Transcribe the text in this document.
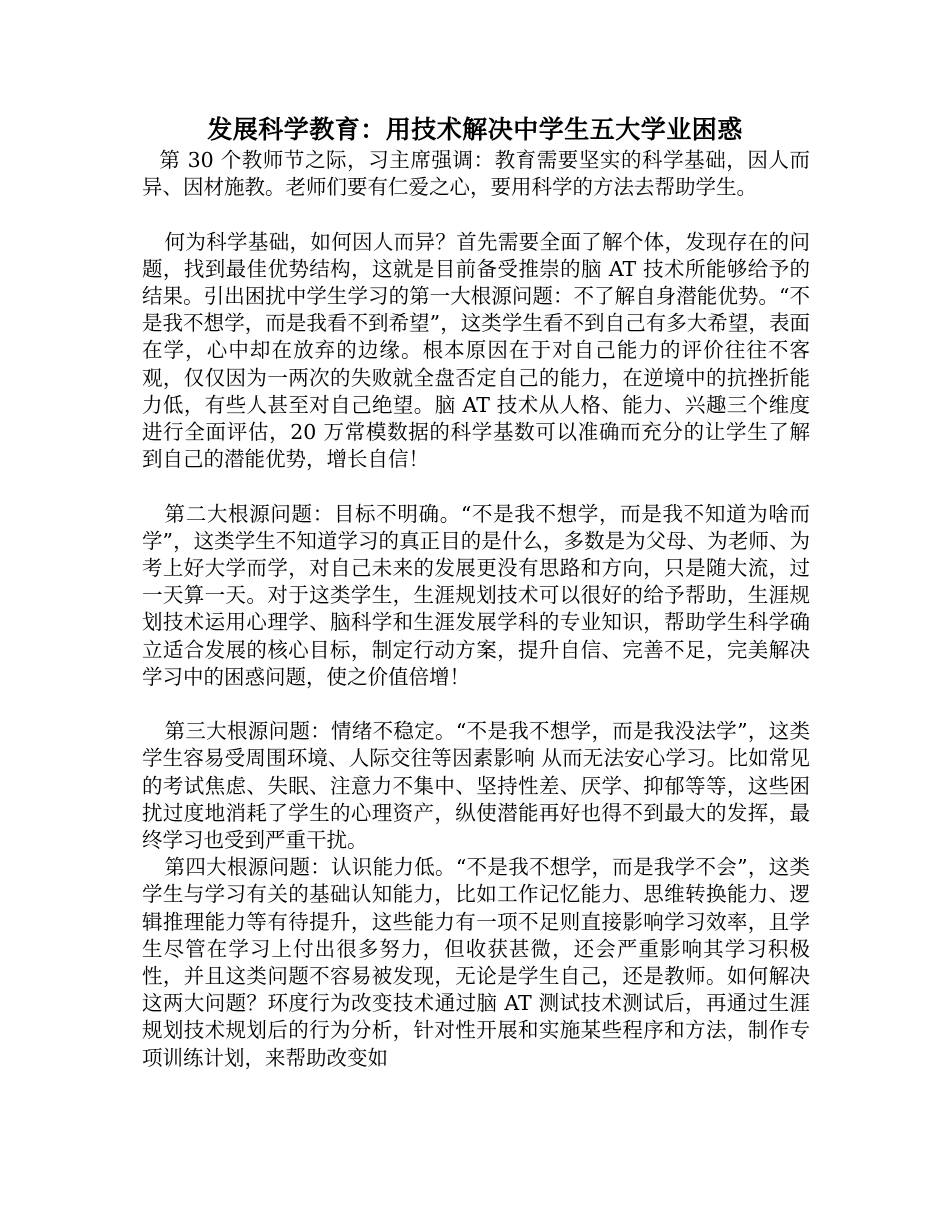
发展科学教育：用技术解决中学生五大学业困惑

第 30 个教师节之际，习主席强调：教育需要坚实的科学基础，因人而异、因材施教。老师们要有仁爱之心，要用科学的方法去帮助学生。

何为科学基础，如何因人而异？首先需要全面了解个体，发现存在的问题，找到最佳优势结构，这就是目前备受推崇的脑 AT 技术所能够给予的结果。引出困扰中学生学习的第一大根源问题：不了解自身潜能优势。“不是我不想学，而是我看不到希望”，这类学生看不到自己有多大希望，表面在学，心中却在放弃的边缘。根本原因在于对自己能力的评价往往不客观，仅仅因为一两次的失败就全盘否定自己的能力，在逆境中的抗挫折能力低，有些人甚至对自己绝望。脑 AT 技术从人格、能力、兴趣三个维度进行全面评估，20 万常模数据的科学基数可以准确而充分的让学生了解到自己的潜能优势，增长自信！

第二大根源问题：目标不明确。“不是我不想学，而是我不知道为啥而学”，这类学生不知道学习的真正目的是什么，多数是为父母、为老师、为考上好大学而学，对自己未来的发展更没有思路和方向，只是随大流，过一天算一天。对于这类学生，生涯规划技术可以很好的给予帮助，生涯规划技术运用心理学、脑科学和生涯发展学科的专业知识，帮助学生科学确立适合发展的核心目标，制定行动方案，提升自信、完善不足，完美解决学习中的困惑问题，使之价值倍增！

第三大根源问题：情绪不稳定。“不是我不想学，而是我没法学”，这类学生容易受周围环境、人际交往等因素影响 从而无法安心学习。比如常见的考试焦虑、失眠、注意力不集中、坚持性差、厌学、抑郁等等，这些困扰过度地消耗了学生的心理资产，纵使潜能再好也得不到最大的发挥，最终学习也受到严重干扰。

第四大根源问题：认识能力低。“不是我不想学，而是我学不会”，这类学生与学习有关的基础认知能力，比如工作记忆能力、思维转换能力、逻辑推理能力等有待提升，这些能力有一项不足则直接影响学习效率，且学生尽管在学习上付出很多努力，但收获甚微，还会严重影响其学习积极性，并且这类问题不容易被发现，无论是学生自己，还是教师。如何解决这两大问题？环度行为改变技术通过脑 AT 测试技术测试后，再通过生涯规划技术规划后的行为分析，针对性开展和实施某些程序和方法，制作专项训练计划，来帮助改变如
